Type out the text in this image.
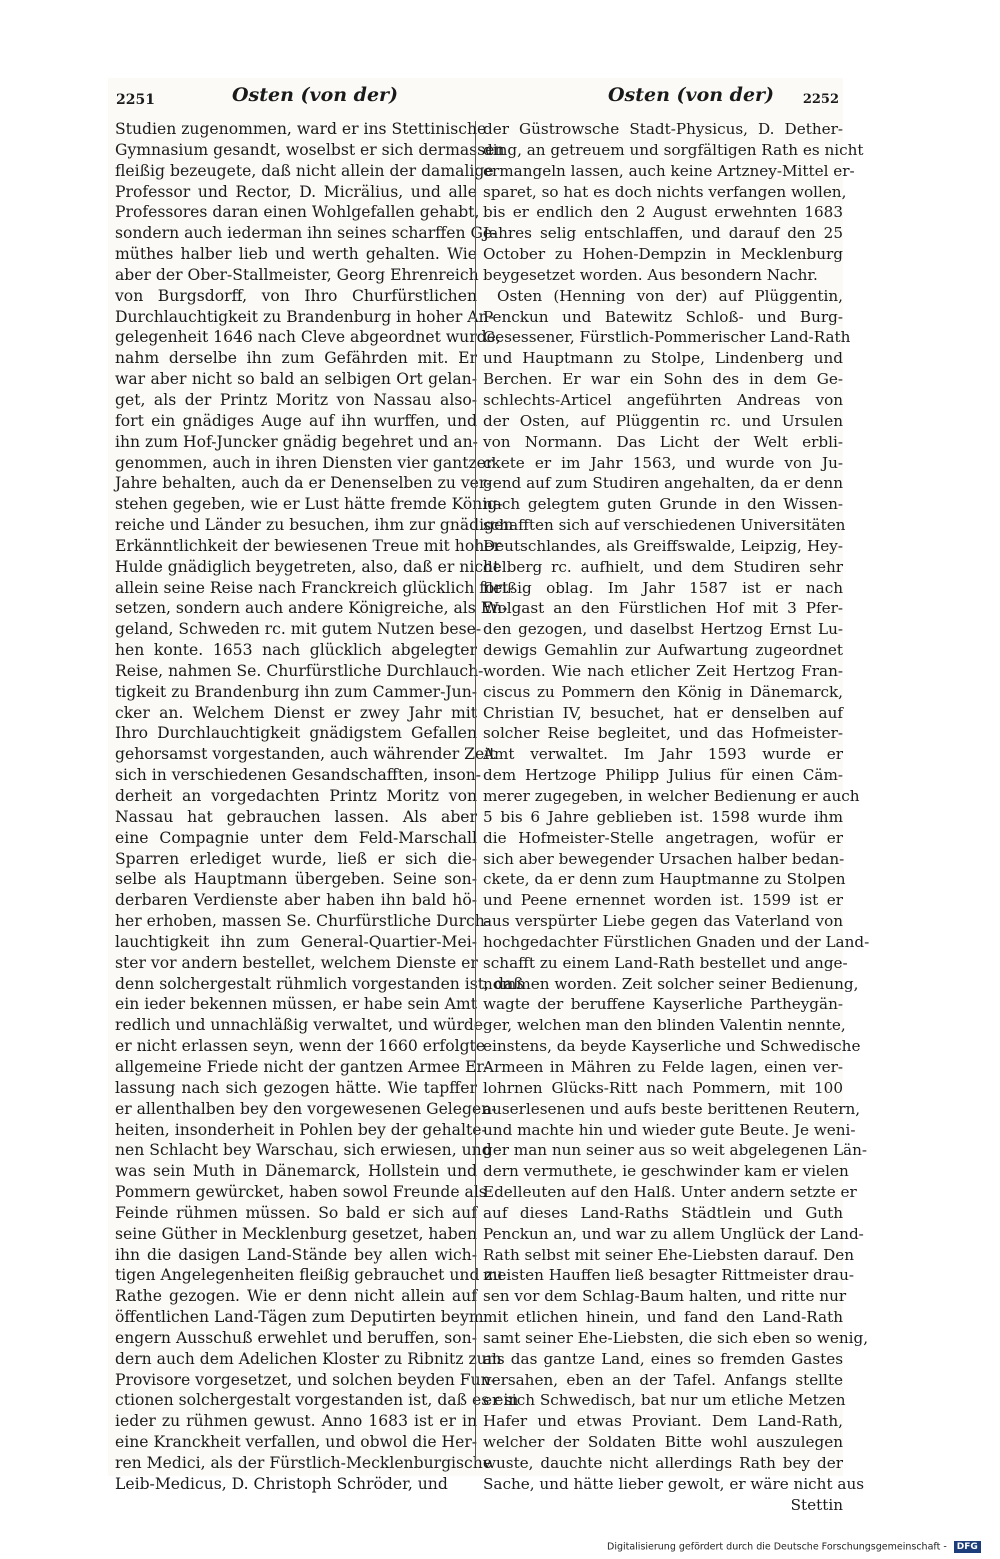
2251	Osten (von der)	Osten (von der) 2252
Studien zugenommen, ward er ins Stettinische
Gymnasium gesandt, woselbst er sich dermassen
fleißig bezeugete, daß nicht allein der damalige
Professor und Rector, D. Micrälius, und alle
Professores daran einen Wohlgefallen gehabt,
sondern auch iederman ihn seines scharffen Ge-
müthes halber lieb und werth gehalten. Wie
aber der Ober-Stallmeister, Georg Ehrenreich
von Burgsdorff, von Ihro Churfürstlichen
Durchlauchtigkeit zu Brandenburg in hoher An-
gelegenheit 1646 nach Cleve abgeordnet wurde,
nahm derselbe ihn zum Gefährden mit. Er
war aber nicht so bald an selbigen Ort gelan-
get, als der Printz Moritz von Nassau also-
fort ein gnädiges Auge auf ihn wurffen, und
ihn zum Hof-Juncker gnädig begehret und an-
genommen, auch in ihren Diensten vier gantzer
Jahre behalten, auch da er Denenselben zu ver-
stehen gegeben, wie er Lust hätte fremde König-
reiche und Länder zu besuchen, ihm zur gnädigen
Erkänntlichkeit der bewiesenen Treue mit hoher
Hulde gnädiglich beygetreten, also, daß er nicht
allein seine Reise nach Franckreich glücklich fort-
setzen, sondern auch andere Königreiche, als En-
geland, Schweden rc. mit gutem Nutzen bese-
hen konte. 1653 nach glücklich abgelegter
Reise, nahmen Se. Churfürstliche Durchlauch-
tigkeit zu Brandenburg ihn zum Cammer-Jun-
cker an. Welchem Dienst er zwey Jahr mit
Ihro Durchlauchtigkeit gnädigstem Gefallen
gehorsamst vorgestanden, auch währender Zeit
sich in verschiedenen Gesandschafften, inson-
derheit an vorgedachten Printz Moritz von
Nassau hat gebrauchen lassen. Als aber
eine Compagnie unter dem Feld-Marschall
Sparren erlediget wurde, ließ er sich die-
selbe als Hauptmann übergeben. Seine son-
derbaren Verdienste aber haben ihn bald hö-
her erhoben, massen Se. Churfürstliche Durch-
lauchtigkeit ihn zum General-Quartier-Mei-
ster vor andern bestellet, welchem Dienste er
denn solchergestalt rühmlich vorgestanden ist, daß
ein ieder bekennen müssen, er habe sein Amt
redlich und unnachläßig verwaltet, und würde
er nicht erlassen seyn, wenn der 1660 erfolgte
allgemeine Friede nicht der gantzen Armee Er-
lassung nach sich gezogen hätte. Wie tapffer
er allenthalben bey den vorgewesenen Gelegen-
heiten, insonderheit in Pohlen bey der gehalte-
nen Schlacht bey Warschau, sich erwiesen, und
was sein Muth in Dänemarck, Hollstein und
Pommern gewürcket, haben sowol Freunde als
Feinde rühmen müssen. So bald er sich auf
seine Güther in Mecklenburg gesetzet, haben
ihn die dasigen Land-Stände bey allen wich-
tigen Angelegenheiten fleißig gebrauchet und zu
Rathe gezogen. Wie er denn nicht allein auf
öffentlichen Land-Tägen zum Deputirten beym
engern Ausschuß erwehlet und beruffen, son-
dern auch dem Adelichen Kloster zu Ribnitz zum
Provisore vorgesetzet, und solchen beyden Fun-
ctionen solchergestalt vorgestanden ist, daß es ein
ieder zu rühmen gewust. Anno 1683 ist er in
eine Kranckheit verfallen, und obwol die Her-
ren Medici, als der Fürstlich-Mecklenburgische
Leib-Medicus, D. Christoph Schröder, und
der Güstrowsche Stadt-Physicus, D. Dether-
ding, an getreuem und sorgfältigen Rath es nicht
ermangeln lassen, auch keine Artzney-Mittel er-
sparet, so hat es doch nichts verfangen wollen,
bis er endlich den 2 August erwehnten 1683
Jahres selig entschlaffen, und darauf den 25
October zu Hohen-Dempzin in Mecklenburg
beygesetzet worden. Aus besondern Nachr.
Osten (Henning von der) auf Plüggentin,
Penckun und Batewitz Schloß- und Burg-
Gesessener, Fürstlich-Pommerischer Land-Rath
und Hauptmann zu Stolpe, Lindenberg und
Berchen. Er war ein Sohn des in dem Ge-
schlechts-Articel angeführten Andreas von
der Osten, auf Plüggentin rc. und Ursulen
von Normann. Das Licht der Welt erbli-
ckete er im Jahr 1563, und wurde von Ju-
gend auf zum Studiren angehalten, da er denn
nach gelegtem guten Grunde in den Wissen-
schafften sich auf verschiedenen Universitäten
Deutschlandes, als Greiffswalde, Leipzig, Hey-
delberg rc. aufhielt, und dem Studiren sehr
fleißig oblag. Im Jahr 1587 ist er nach
Wolgast an den Fürstlichen Hof mit 3 Pfer-
den gezogen, und daselbst Hertzog Ernst Lu-
dewigs Gemahlin zur Aufwartung zugeordnet
worden. Wie nach etlicher Zeit Hertzog Fran-
ciscus zu Pommern den König in Dänemarck,
Christian IV, besuchet, hat er denselben auf
solcher Reise begleitet, und das Hofmeister-
Amt verwaltet. Im Jahr 1593 wurde er
dem Hertzoge Philipp Julius für einen Cäm-
merer zugegeben, in welcher Bedienung er auch
5 bis 6 Jahre geblieben ist. 1598 wurde ihm
die Hofmeister-Stelle angetragen, wofür er
sich aber bewegender Ursachen halber bedan-
ckete, da er denn zum Hauptmanne zu Stolpen
und Peene ernennet worden ist. 1599 ist er
aus verspürter Liebe gegen das Vaterland von
hochgedachter Fürstlichen Gnaden und der Land-
schafft zu einem Land-Rath bestellet und ange-
nommen worden. Zeit solcher seiner Bedienung,
wagte der beruffene Kayserliche Partheygän-
ger, welchen man den blinden Valentin nennte,
einstens, da beyde Kayserliche und Schwedische
Armeen in Mähren zu Felde lagen, einen ver-
lohrnen Glücks-Ritt nach Pommern, mit 100
auserlesenen und aufs beste berittenen Reutern,
und machte hin und wieder gute Beute. Je weni-
ger man nun seiner aus so weit abgelegenen Län-
dern vermuthete, ie geschwinder kam er vielen
Edelleuten auf den Halß. Unter andern setzte er
auf dieses Land-Raths Städtlein und Guth
Penckun an, und war zu allem Unglück der Land-
Rath selbst mit seiner Ehe-Liebsten darauf. Den
meisten Hauffen ließ besagter Rittmeister drau-
sen vor dem Schlag-Baum halten, und ritte nur
mit etlichen hinein, und fand den Land-Rath
samt seiner Ehe-Liebsten, die sich eben so wenig,
als das gantze Land, eines so fremden Gastes
versahen, eben an der Tafel. Anfangs stellte
er sich Schwedisch, bat nur um etliche Metzen
Hafer und etwas Proviant. Dem Land-Rath,
welcher der Soldaten Bitte wohl auszulegen
wuste, dauchte nicht allerdings Rath bey der
Sache, und hätte lieber gewolt, er wäre nicht aus
Stettin
Digitalisierung gefördert durch die Deutsche Forschungsgemeinschaft - DFG
